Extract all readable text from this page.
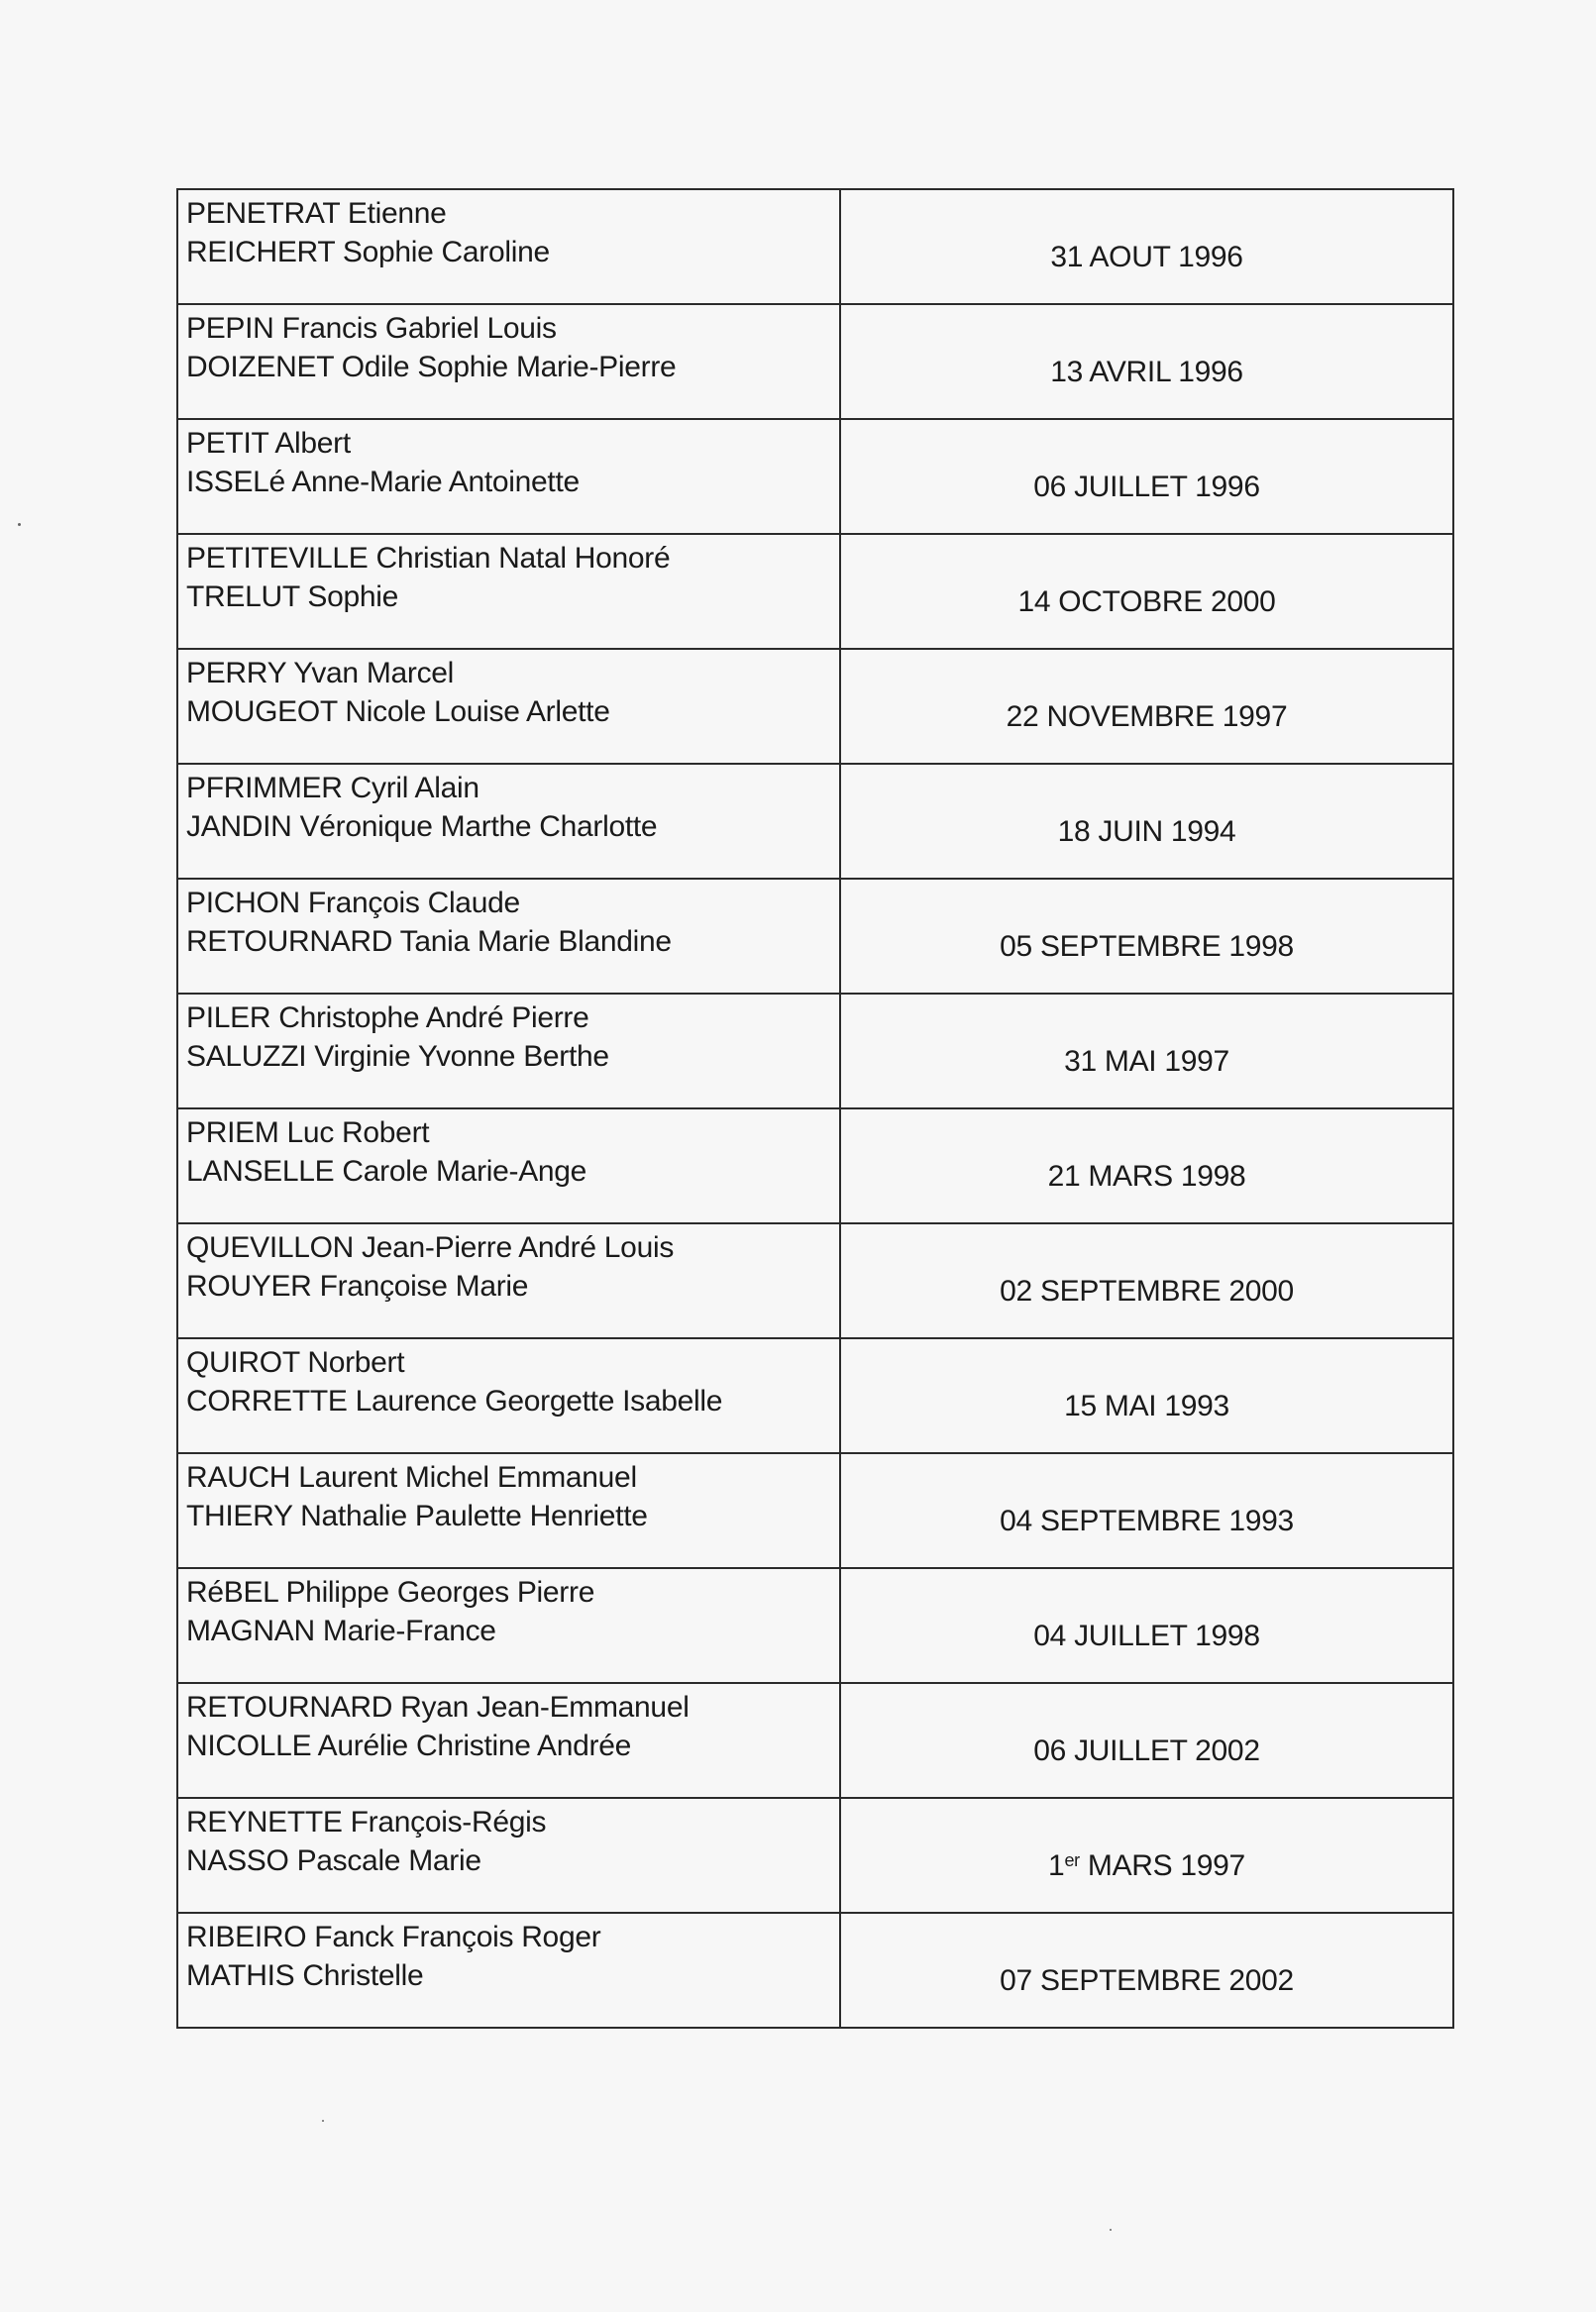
PENETRAT Etienne
REICHERT Sophie Caroline	31 AOUT 1996

PEPIN Francis Gabriel Louis
DOIZENET Odile Sophie Marie-Pierre	13 AVRIL 1996

PETIT Albert
ISSELé Anne-Marie Antoinette	06 JUILLET 1996

PETITEVILLE Christian Natal Honoré
TRELUT Sophie	14 OCTOBRE 2000

PERRY Yvan Marcel
MOUGEOT Nicole Louise Arlette	22 NOVEMBRE 1997

PFRIMMER Cyril Alain
JANDIN Véronique Marthe Charlotte	18 JUIN 1994

PICHON François Claude
RETOURNARD Tania Marie Blandine	05 SEPTEMBRE 1998

PILER Christophe André Pierre
SALUZZI Virginie Yvonne Berthe	31 MAI 1997

PRIEM Luc Robert
LANSELLE Carole Marie-Ange	21 MARS 1998

QUEVILLON Jean-Pierre André Louis
ROUYER Françoise Marie	02 SEPTEMBRE 2000

QUIROT Norbert
CORRETTE Laurence Georgette Isabelle	15 MAI 1993

RAUCH Laurent Michel Emmanuel
THIERY Nathalie Paulette Henriette	04 SEPTEMBRE 1993

RéBEL Philippe Georges Pierre
MAGNAN Marie-France	04 JUILLET 1998

RETOURNARD Ryan Jean-Emmanuel
NICOLLE Aurélie Christine Andrée	06 JUILLET 2002

REYNETTE François-Régis
NASSO Pascale Marie	1er MARS 1997

RIBEIRO Fanck François Roger
MATHIS Christelle	07 SEPTEMBRE 2002
